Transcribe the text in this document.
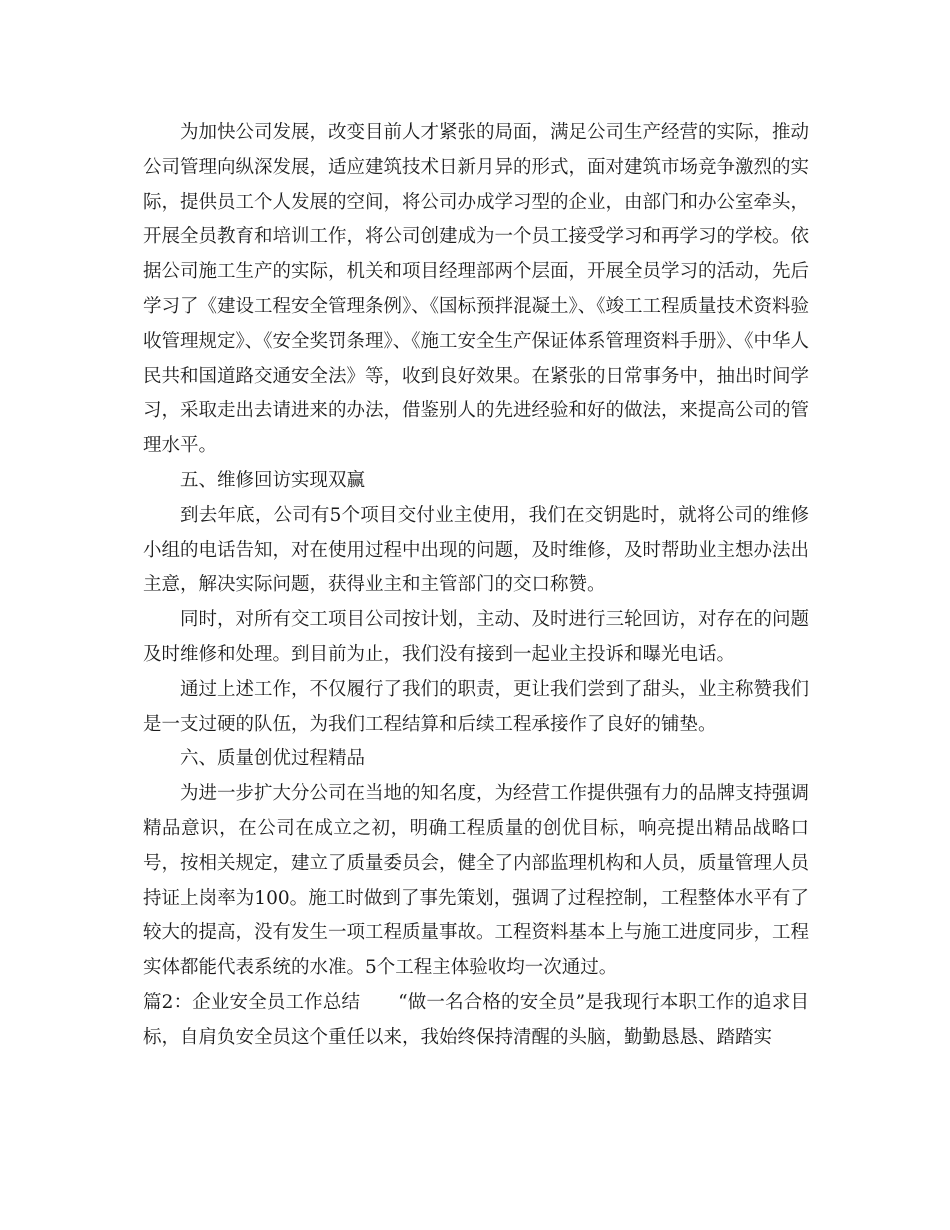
为加快公司发展，改变目前人才紧张的局面，满足公司生产经营的实际，推动公司管理向纵深发展，适应建筑技术日新月异的形式，面对建筑市场竞争激烈的实际，提供员工个人发展的空间，将公司办成学习型的企业，由部门和办公室牵头，开展全员教育和培训工作，将公司创建成为一个员工接受学习和再学习的学校。依据公司施工生产的实际，机关和项目经理部两个层面，开展全员学习的活动，先后学习了《建设工程安全管理条例》、《国标预拌混凝土》、《竣工工程质量技术资料验收管理规定》、《安全奖罚条理》、《施工安全生产保证体系管理资料手册》、《中华人民共和国道路交通安全法》等，收到良好效果。在紧张的日常事务中，抽出时间学习，采取走出去请进来的办法，借鉴别人的先进经验和好的做法，来提高公司的管理水平。

五、维修回访实现双赢

到去年底，公司有5个项目交付业主使用，我们在交钥匙时，就将公司的维修小组的电话告知，对在使用过程中出现的问题，及时维修，及时帮助业主想办法出主意，解决实际问题，获得业主和主管部门的交口称赞。

同时，对所有交工项目公司按计划，主动、及时进行三轮回访，对存在的问题及时维修和处理。到目前为止，我们没有接到一起业主投诉和曝光电话。

通过上述工作，不仅履行了我们的职责，更让我们尝到了甜头，业主称赞我们是一支过硬的队伍，为我们工程结算和后续工程承接作了良好的铺垫。

六、质量创优过程精品

为进一步扩大分公司在当地的知名度，为经营工作提供强有力的品牌支持强调精品意识，在公司在成立之初，明确工程质量的创优目标，响亮提出精品战略口号，按相关规定，建立了质量委员会，健全了内部监理机构和人员，质量管理人员持证上岗率为100。施工时做到了事先策划，强调了过程控制，工程整体水平有了较大的提高，没有发生一项工程质量事故。工程资料基本上与施工进度同步，工程实体都能代表系统的水准。5个工程主体验收均一次通过。

篇2：企业安全员工作总结 “做一名合格的安全员”是我现行本职工作的追求目标，自肩负安全员这个重任以来，我始终保持清醒的头脑，勤勤恳恳、踏踏实
